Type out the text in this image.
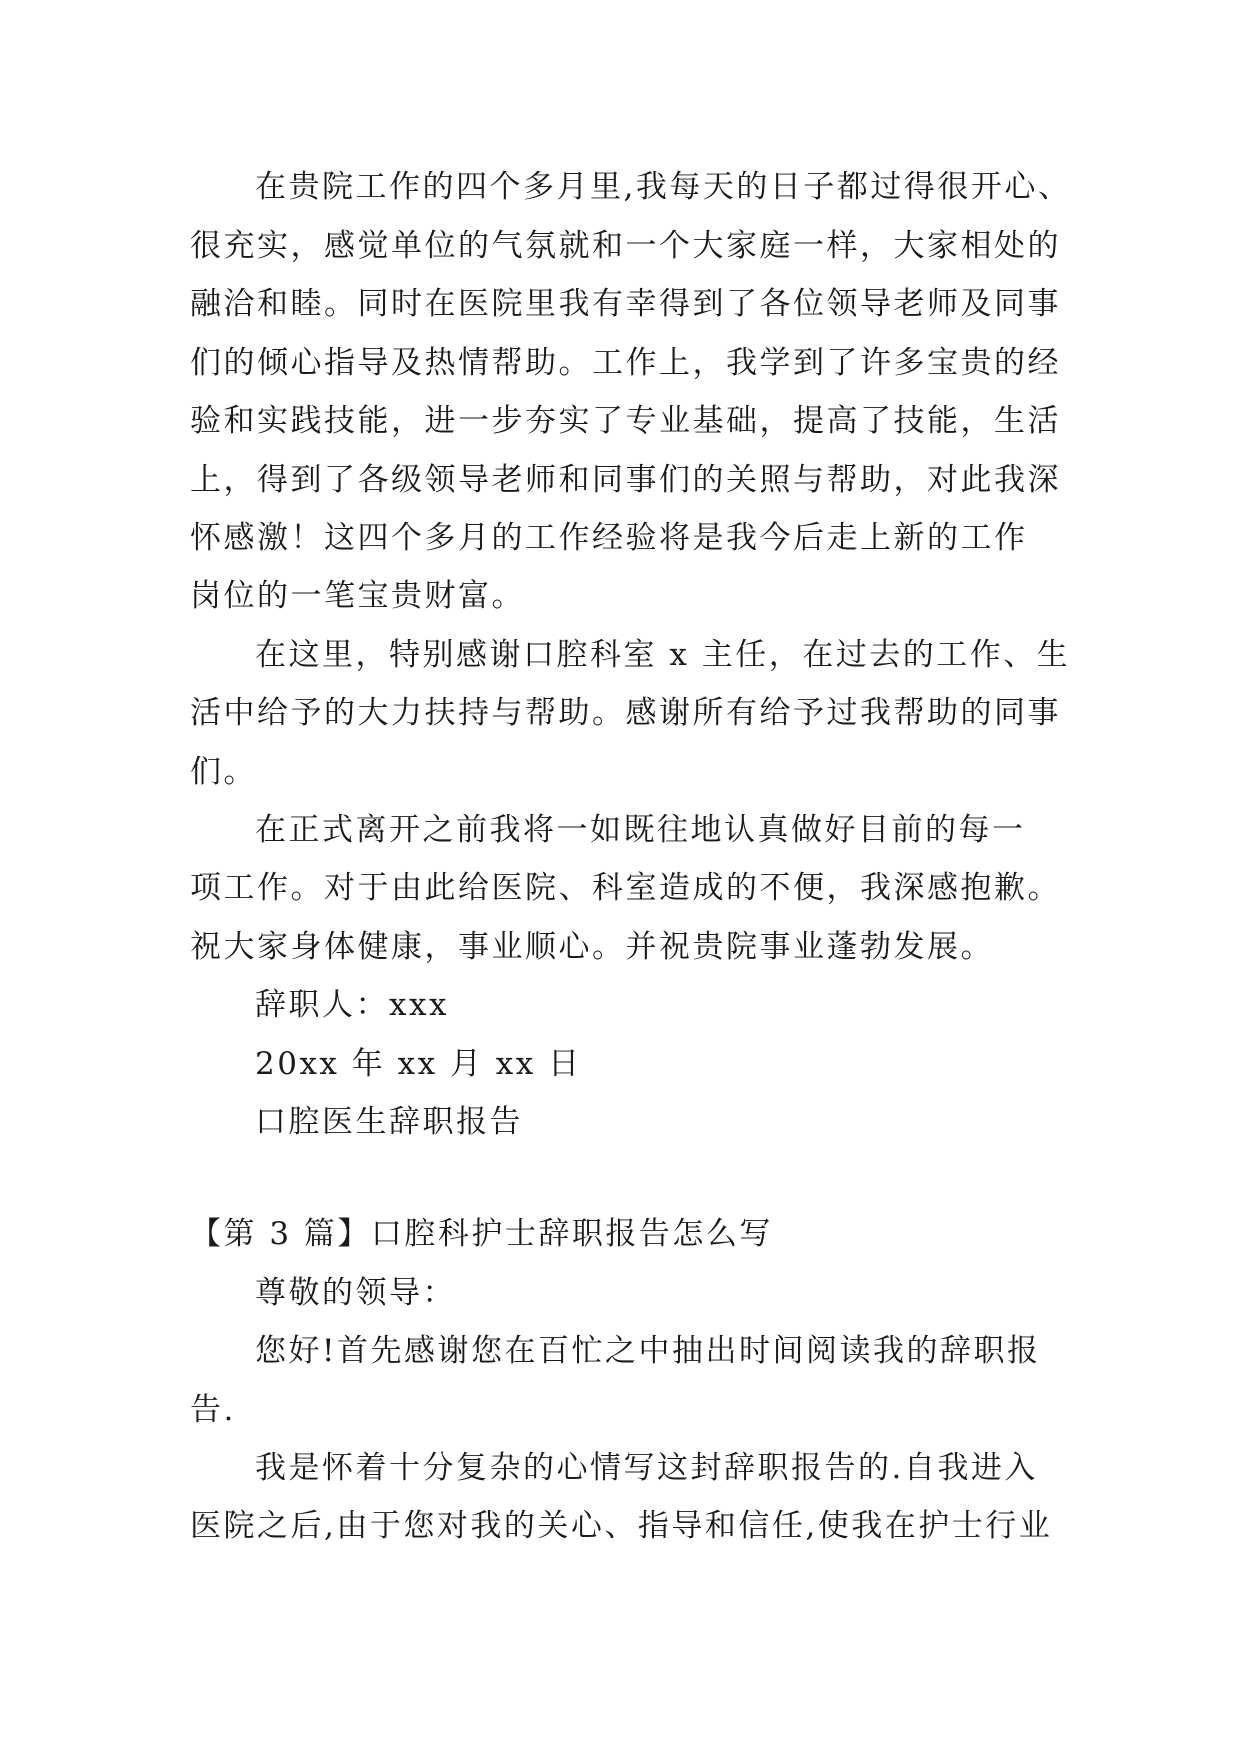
在贵院工作的四个多月里,我每天的日子都过得很开心、
很充实，感觉单位的气氛就和一个大家庭一样，大家相处的
融洽和睦。同时在医院里我有幸得到了各位领导老师及同事
们的倾心指导及热情帮助。工作上，我学到了许多宝贵的经
验和实践技能，进一步夯实了专业基础，提高了技能，生活
上，得到了各级领导老师和同事们的关照与帮助，对此我深
怀感激！这四个多月的工作经验将是我今后走上新的工作
岗位的一笔宝贵财富。
在这里，特别感谢口腔科室 x 主任，在过去的工作、生
活中给予的大力扶持与帮助。感谢所有给予过我帮助的同事
们。
在正式离开之前我将一如既往地认真做好目前的每一
项工作。对于由此给医院、科室造成的不便，我深感抱歉。
祝大家身体健康，事业顺心。并祝贵院事业蓬勃发展。
辞职人：xxx
20xx 年 xx 月 xx 日
口腔医生辞职报告
【第 3 篇】口腔科护士辞职报告怎么写
尊敬的领导：
您好!首先感谢您在百忙之中抽出时间阅读我的辞职报
告.
我是怀着十分复杂的心情写这封辞职报告的.自我进入
医院之后,由于您对我的关心、指导和信任,使我在护士行业
